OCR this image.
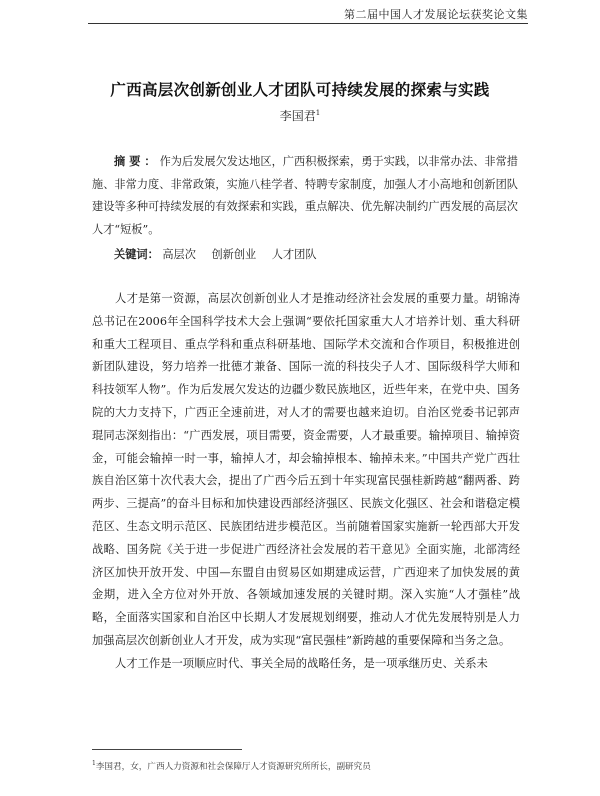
第二届中国人才发展论坛获奖论文集
广西高层次创新创业人才团队可持续发展的探索与实践
李国君$^1$
摘要：作为后发展欠发达地区，广西积极探索，勇于实践，以非常办法、非常措施、非常力度、非常政策，实施八桂学者、特聘专家制度，加强人才小高地和创新团队建设等多种可持续发展的有效探索和实践，重点解决、优先解决制约广西发展的高层次人才“短板”。
关键词： 高层次 创新创业 人才团队

人才是第一资源，高层次创新创业人才是推动经济社会发展的重要力量。胡锦涛总书记在2006年全国科学技术大会上强调“要依托国家重大人才培养计划、重大科研和重大工程项目、重点学科和重点科研基地、国际学术交流和合作项目，积极推进创新团队建设，努力培养一批德才兼备、国际一流的科技尖子人才、国际级科学大师和科技领军人物”。作为后发展欠发达的边疆少数民族地区，近些年来，在党中央、国务院的大力支持下，广西正全速前进，对人才的需要也越来迫切。自治区党委书记郭声琨同志深刻指出：“广西发展，项目需要，资金需要，人才最重要。输掉项目、输掉资金，可能会输掉一时一事，输掉人才，却会输掉根本、输掉未来。”中国共产党广西壮族自治区第十次代表大会，提出了广西今后五到十年实现富民强桂新跨越“翻两番、跨两步、三提高”的奋斗目标和加快建设西部经济强区、民族文化强区、社会和谐稳定模范区、生态文明示范区、民族团结进步模范区。当前随着国家实施新一轮西部大开发战略、国务院《关于进一步促进广西经济社会发展的若干意见》全面实施，北部湾经济区加快开放开发、中国—东盟自由贸易区如期建成运营，广西迎来了加快发展的黄金期，进入全方位对外开放、各领域加速发展的关键时期。深入实施“人才强桂”战略，全面落实国家和自治区中长期人才发展规划纲要，推动人才优先发展特别是人力加强高层次创新创业人才开发，成为实现“富民强桂”新跨越的重要保障和当务之急。

人才工作是一项顺应时代、事关全局的战略任务，是一项承继历史、关系未

$^1$李国君，女，广西人力资源和社会保障厅人才资源研究所所长，副研究员
